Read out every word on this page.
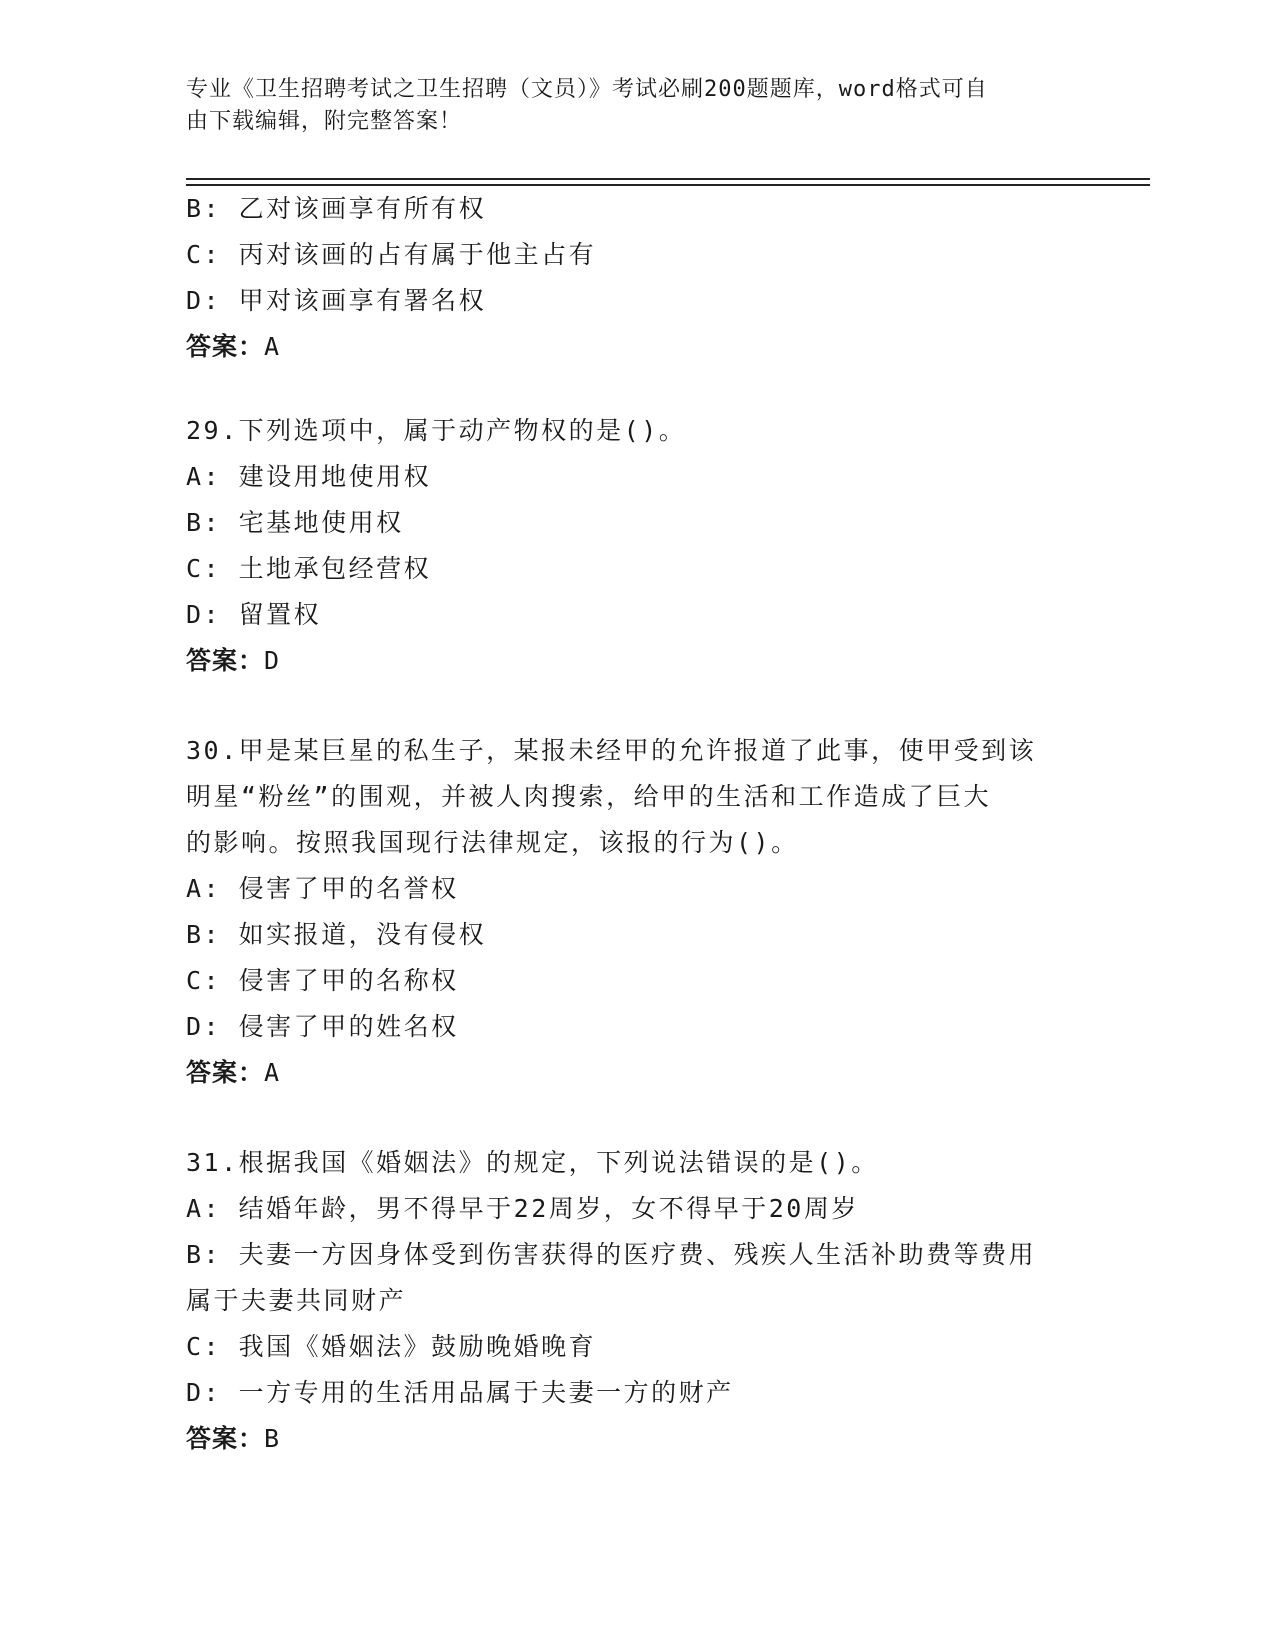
专业《卫生招聘考试之卫生招聘（文员）》考试必刷200题题库，word格式可自
由下载编辑，附完整答案！
B: 乙对该画享有所有权
C: 丙对该画的占有属于他主占有
D: 甲对该画享有署名权
答案：A
29.下列选项中，属于动产物权的是()。
A: 建设用地使用权
B: 宅基地使用权
C: 土地承包经营权
D: 留置权
答案：D
30.甲是某巨星的私生子，某报未经甲的允许报道了此事，使甲受到该
明星“粉丝”的围观，并被人肉搜索，给甲的生活和工作造成了巨大
的影响。按照我国现行法律规定，该报的行为()。
A: 侵害了甲的名誉权
B: 如实报道，没有侵权
C: 侵害了甲的名称权
D: 侵害了甲的姓名权
答案：A
31.根据我国《婚姻法》的规定，下列说法错误的是()。
A: 结婚年龄，男不得早于22周岁，女不得早于20周岁
B: 夫妻一方因身体受到伤害获得的医疗费、残疾人生活补助费等费用
属于夫妻共同财产
C: 我国《婚姻法》鼓励晚婚晚育
D: 一方专用的生活用品属于夫妻一方的财产
答案：B
